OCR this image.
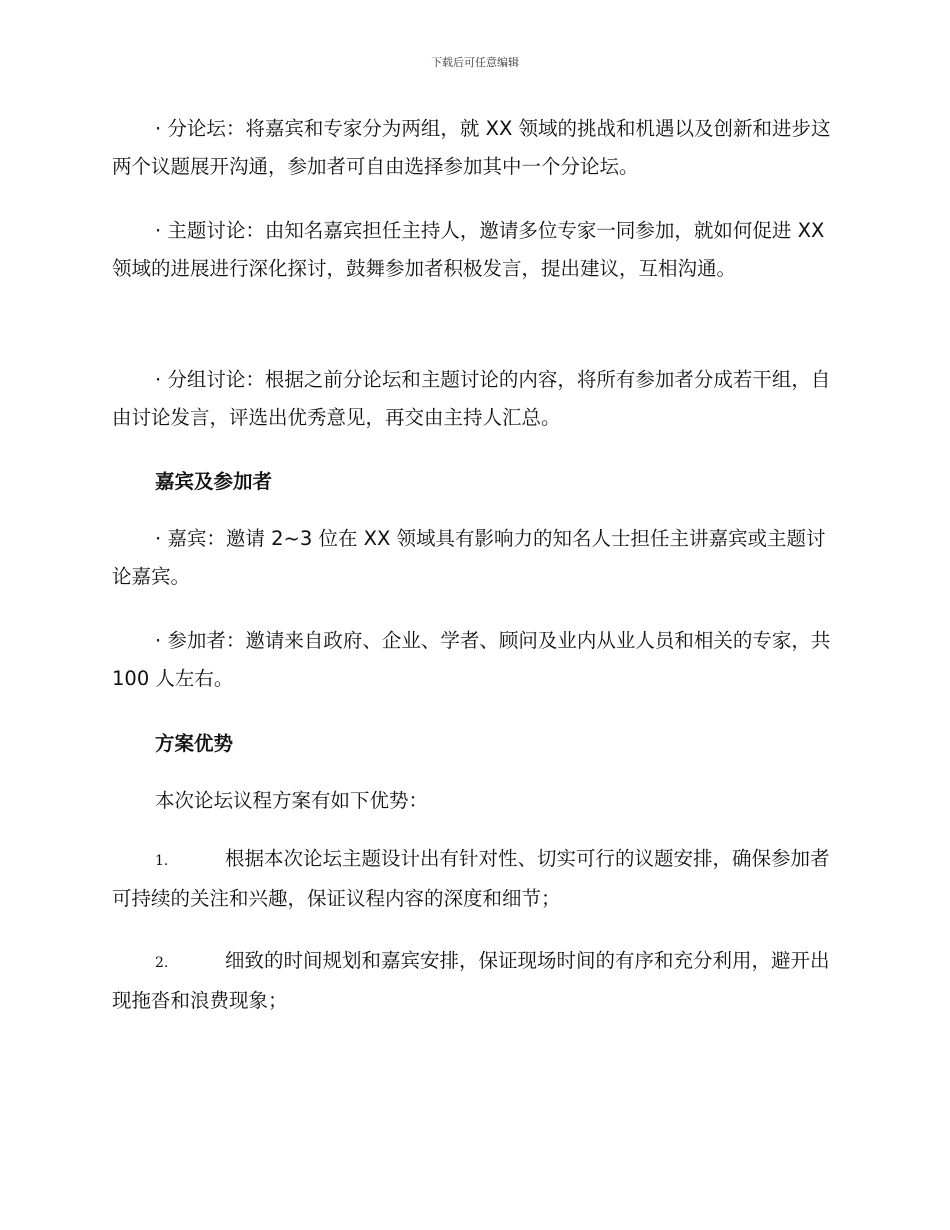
下载后可任意编辑

· 分论坛：将嘉宾和专家分为两组，就 XX 领域的挑战和机遇以及创新和进步这两个议题展开沟通，参加者可自由选择参加其中一个分论坛。

· 主题讨论：由知名嘉宾担任主持人，邀请多位专家一同参加，就如何促进 XX 领域的进展进行深化探讨，鼓舞参加者积极发言，提出建议，互相沟通。

· 分组讨论：根据之前分论坛和主题讨论的内容，将所有参加者分成若干组，自由讨论发言，评选出优秀意见，再交由主持人汇总。

嘉宾及参加者

· 嘉宾：邀请 2~3 位在 XX 领域具有影响力的知名人士担任主讲嘉宾或主题讨论嘉宾。

· 参加者：邀请来自政府、企业、学者、顾问及业内从业人员和相关的专家，共 100 人左右。

方案优势

本次论坛议程方案有如下优势：

1.	根据本次论坛主题设计出有针对性、切实可行的议题安排，确保参加者可持续的关注和兴趣，保证议程内容的深度和细节；

2.	细致的时间规划和嘉宾安排，保证现场时间的有序和充分利用，避开出现拖沓和浪费现象；
